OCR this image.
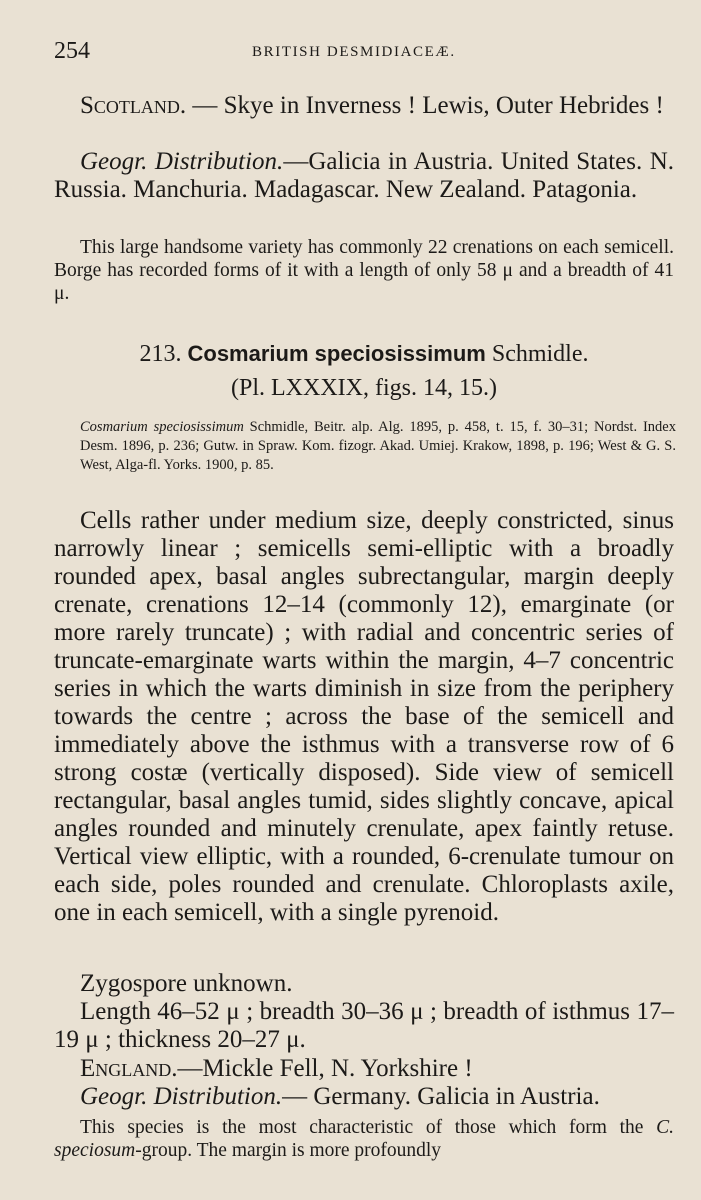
254	BRITISH DESMIDIACEÆ.
Scotland. — Skye in Inverness ! Lewis, Outer Hebrides !
Geogr. Distribution.—Galicia in Austria. United States. N. Russia. Manchuria. Madagascar. New Zealand. Patagonia.
This large handsome variety has commonly 22 crenations on each semicell. Borge has recorded forms of it with a length of only 58 μ and a breadth of 41 μ.
213. Cosmarium speciosissimum Schmidle.
(Pl. LXXXIX, figs. 14, 15.)
Cosmarium speciosissimum Schmidle, Beitr. alp. Alg. 1895, p. 458, t. 15, f. 30–31; Nordst. Index Desm. 1896, p. 236; Gutw. in Spraw. Kom. fizogr. Akad. Umiej. Krakow, 1898, p. 196; West & G. S. West, Alga-fl. Yorks. 1900, p. 85.
Cells rather under medium size, deeply constricted, sinus narrowly linear ; semicells semi-elliptic with a broadly rounded apex, basal angles subrectangular, margin deeply crenate, crenations 12–14 (commonly 12), emarginate (or more rarely truncate) ; with radial and concentric series of truncate-emarginate warts within the margin, 4–7 concentric series in which the warts diminish in size from the periphery towards the centre ; across the base of the semicell and immediately above the isthmus with a transverse row of 6 strong costæ (vertically disposed). Side view of semicell rectangular, basal angles tumid, sides slightly concave, apical angles rounded and minutely crenulate, apex faintly retuse. Vertical view elliptic, with a rounded, 6-crenulate tumour on each side, poles rounded and crenulate. Chloroplasts axile, one in each semicell, with a single pyrenoid.
Zygospore unknown.
Length 46–52 μ ; breadth 30–36 μ ; breadth of isthmus 17–19 μ ; thickness 20–27 μ.
England.—Mickle Fell, N. Yorkshire !
Geogr. Distribution.— Germany. Galicia in Austria.
This species is the most characteristic of those which form the C. speciosum-group. The margin is more profoundly
